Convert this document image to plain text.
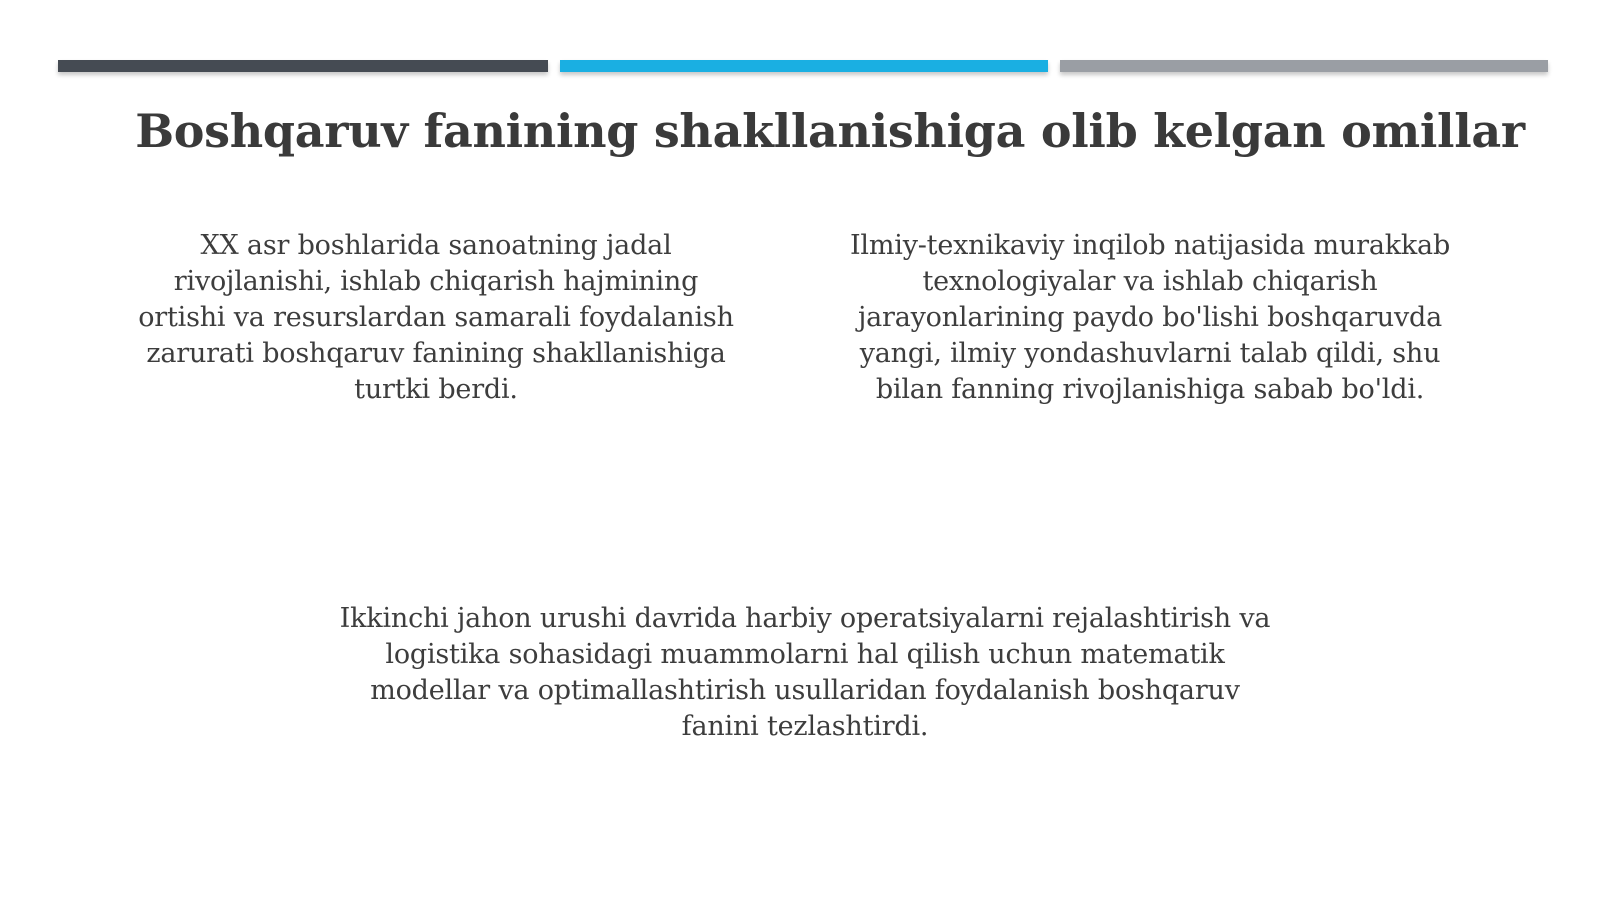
Boshqaruv fanining shakllanishiga olib kelgan omillar
XX asr boshlarida sanoatning jadal
rivojlanishi, ishlab chiqarish hajmining
ortishi va resurslardan samarali foydalanish
zarurati boshqaruv fanining shakllanishiga
turtki berdi.
Ilmiy-texnikaviy inqilob natijasida murakkab
texnologiyalar va ishlab chiqarish
jarayonlarining paydo bo'lishi boshqaruvda
yangi, ilmiy yondashuvlarni talab qildi, shu
bilan fanning rivojlanishiga sabab bo'ldi.
Ikkinchi jahon urushi davrida harbiy operatsiyalarni rejalashtirish va
logistika sohasidagi muammolarni hal qilish uchun matematik
modellar va optimallashtirish usullaridan foydalanish boshqaruv
fanini tezlashtirdi.
